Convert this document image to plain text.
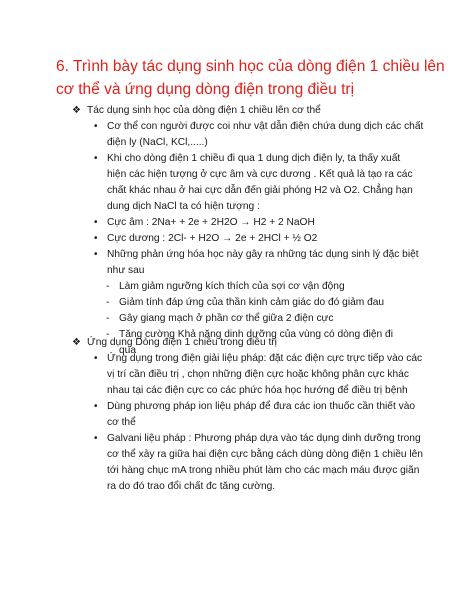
6. Trình bày tác dụng sinh học của dòng điện 1 chiều lên
cơ thể và ứng dụng dòng điện trong điều trị
❖ Tác dụng sinh học của dòng điện 1 chiều lên cơ thể
• Cơ thể con người được coi như vật dẫn điện chứa dung dịch các chất
điện ly (NaCl, KCl,.....)
• Khi cho dòng điện 1 chiều đi qua 1 dung dịch điện ly, ta thấy xuất
hiện các hiện tượng ở cực âm và cực dương . Kết quả là tạo ra các
chất khác nhau ở hai cực dẫn đến giải phóng H2 và O2. Chẳng hạn
dung dịch NaCl ta có hiện tượng :
• Cực âm : 2Na+ + 2e + 2H2O → H2 + 2 NaOH
• Cực dương : 2Cl- + H2O → 2e + 2HCl + ½ O2
• Những phản ứng hóa học này gây ra những tác dụng sinh lý đặc biệt
như sau
- Làm giảm ngưỡng kích thích của sợi cơ vận động
- Giảm tính đáp ứng của thần kinh cảm giác do đó giảm đau
- Gây giang mạch ở phần cơ thể giữa 2 điện cực
- Tăng cường Khả năng dinh dưỡng của vùng có dòng điện đi
qua
❖ Ứng dụng Dòng điện 1 chiều trong điều trị
• Ứng dụng trong điện giải liệu pháp: đặt các điện cực trực tiếp vào các
vị trí cần điều trị , chọn những điện cực hoặc không phân cực khác
nhau tại các điện cực co các phức hóa học hướng để điều trị bệnh
• Dùng phương pháp ion liệu pháp để đưa các ion thuốc cần thiết vào
cơ thể
• Galvani liệu pháp : Phương pháp dựa vào tác dụng dinh dưỡng trong
cơ thể xảy ra giữa hai điện cực bằng cách dùng dòng điện 1 chiều lên
tới hàng chục mA trong nhiều phút làm cho các mạch máu được giãn
ra do đó trao đổi chất đc tăng cường.
